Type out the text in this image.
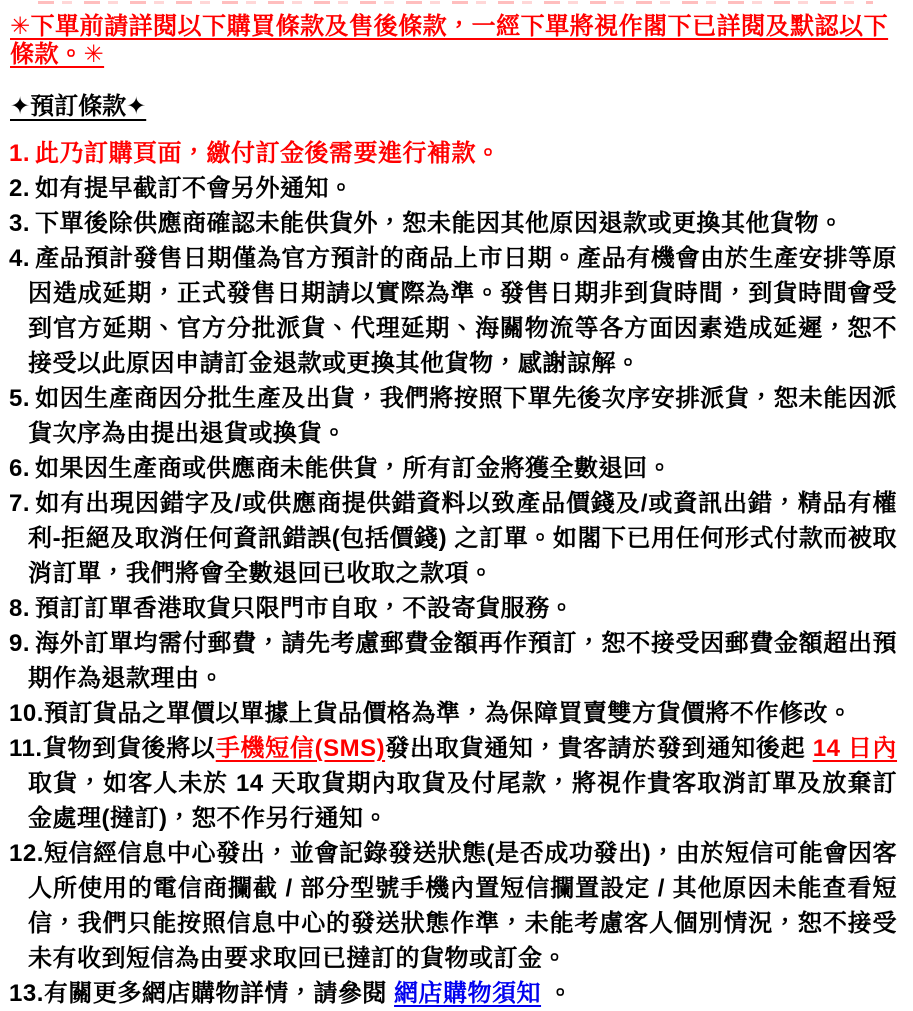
✳下單前請詳閱以下購買條款及售後條款，一經下單將視作閣下已詳閱及默認以下條款。✳

✦預訂條款✦
1. 此乃訂購頁面，繳付訂金後需要進行補款。
2. 如有提早截訂不會另外通知。
3. 下單後除供應商確認未能供貨外，恕未能因其他原因退款或更換其他貨物。
4. 產品預計發售日期僅為官方預計的商品上市日期。產品有機會由於生產安排等原因造成延期，正式發售日期請以實際為準。發售日期非到貨時間，到貨時間會受到官方延期、官方分批派貨、代理延期、海關物流等各方面因素造成延遲，恕不接受以此原因申請訂金退款或更換其他貨物，感謝諒解。
5. 如因生產商因分批生產及出貨，我們將按照下單先後次序安排派貨，恕未能因派貨次序為由提出退貨或換貨。
6. 如果因生產商或供應商未能供貨，所有訂金將獲全數退回。
7. 如有出現因錯字及/或供應商提供錯資料以致產品價錢及/或資訊出錯，精品有權利-拒絕及取消任何資訊錯誤(包括價錢) 之訂單。如閣下已用任何形式付款而被取消訂單，我們將會全數退回已收取之款項。
8. 預訂訂單香港取貨只限門市自取，不設寄貨服務。
9. 海外訂單均需付郵費，請先考慮郵費金額再作預訂，恕不接受因郵費金額超出預期作為退款理由。
10.預訂貨品之單價以單據上貨品價格為準，為保障買賣雙方貨價將不作修改。
11.貨物到貨後將以手機短信(SMS)發出取貨通知，貴客請於發到通知後起 14 日內取貨，如客人未於 14 天取貨期內取貨及付尾款，將視作貴客取消訂單及放棄訂金處理(撻訂)，恕不作另行通知。
12.短信經信息中心發出，並會記錄發送狀態(是否成功發出)，由於短信可能會因客人所使用的電信商攔截 / 部分型號手機內置短信攔置設定 / 其他原因未能查看短信，我們只能按照信息中心的發送狀態作準，未能考慮客人個別情況，恕不接受未有收到短信為由要求取回已撻訂的貨物或訂金。
13.有關更多網店購物詳情，請參閱 網店購物須知 。
